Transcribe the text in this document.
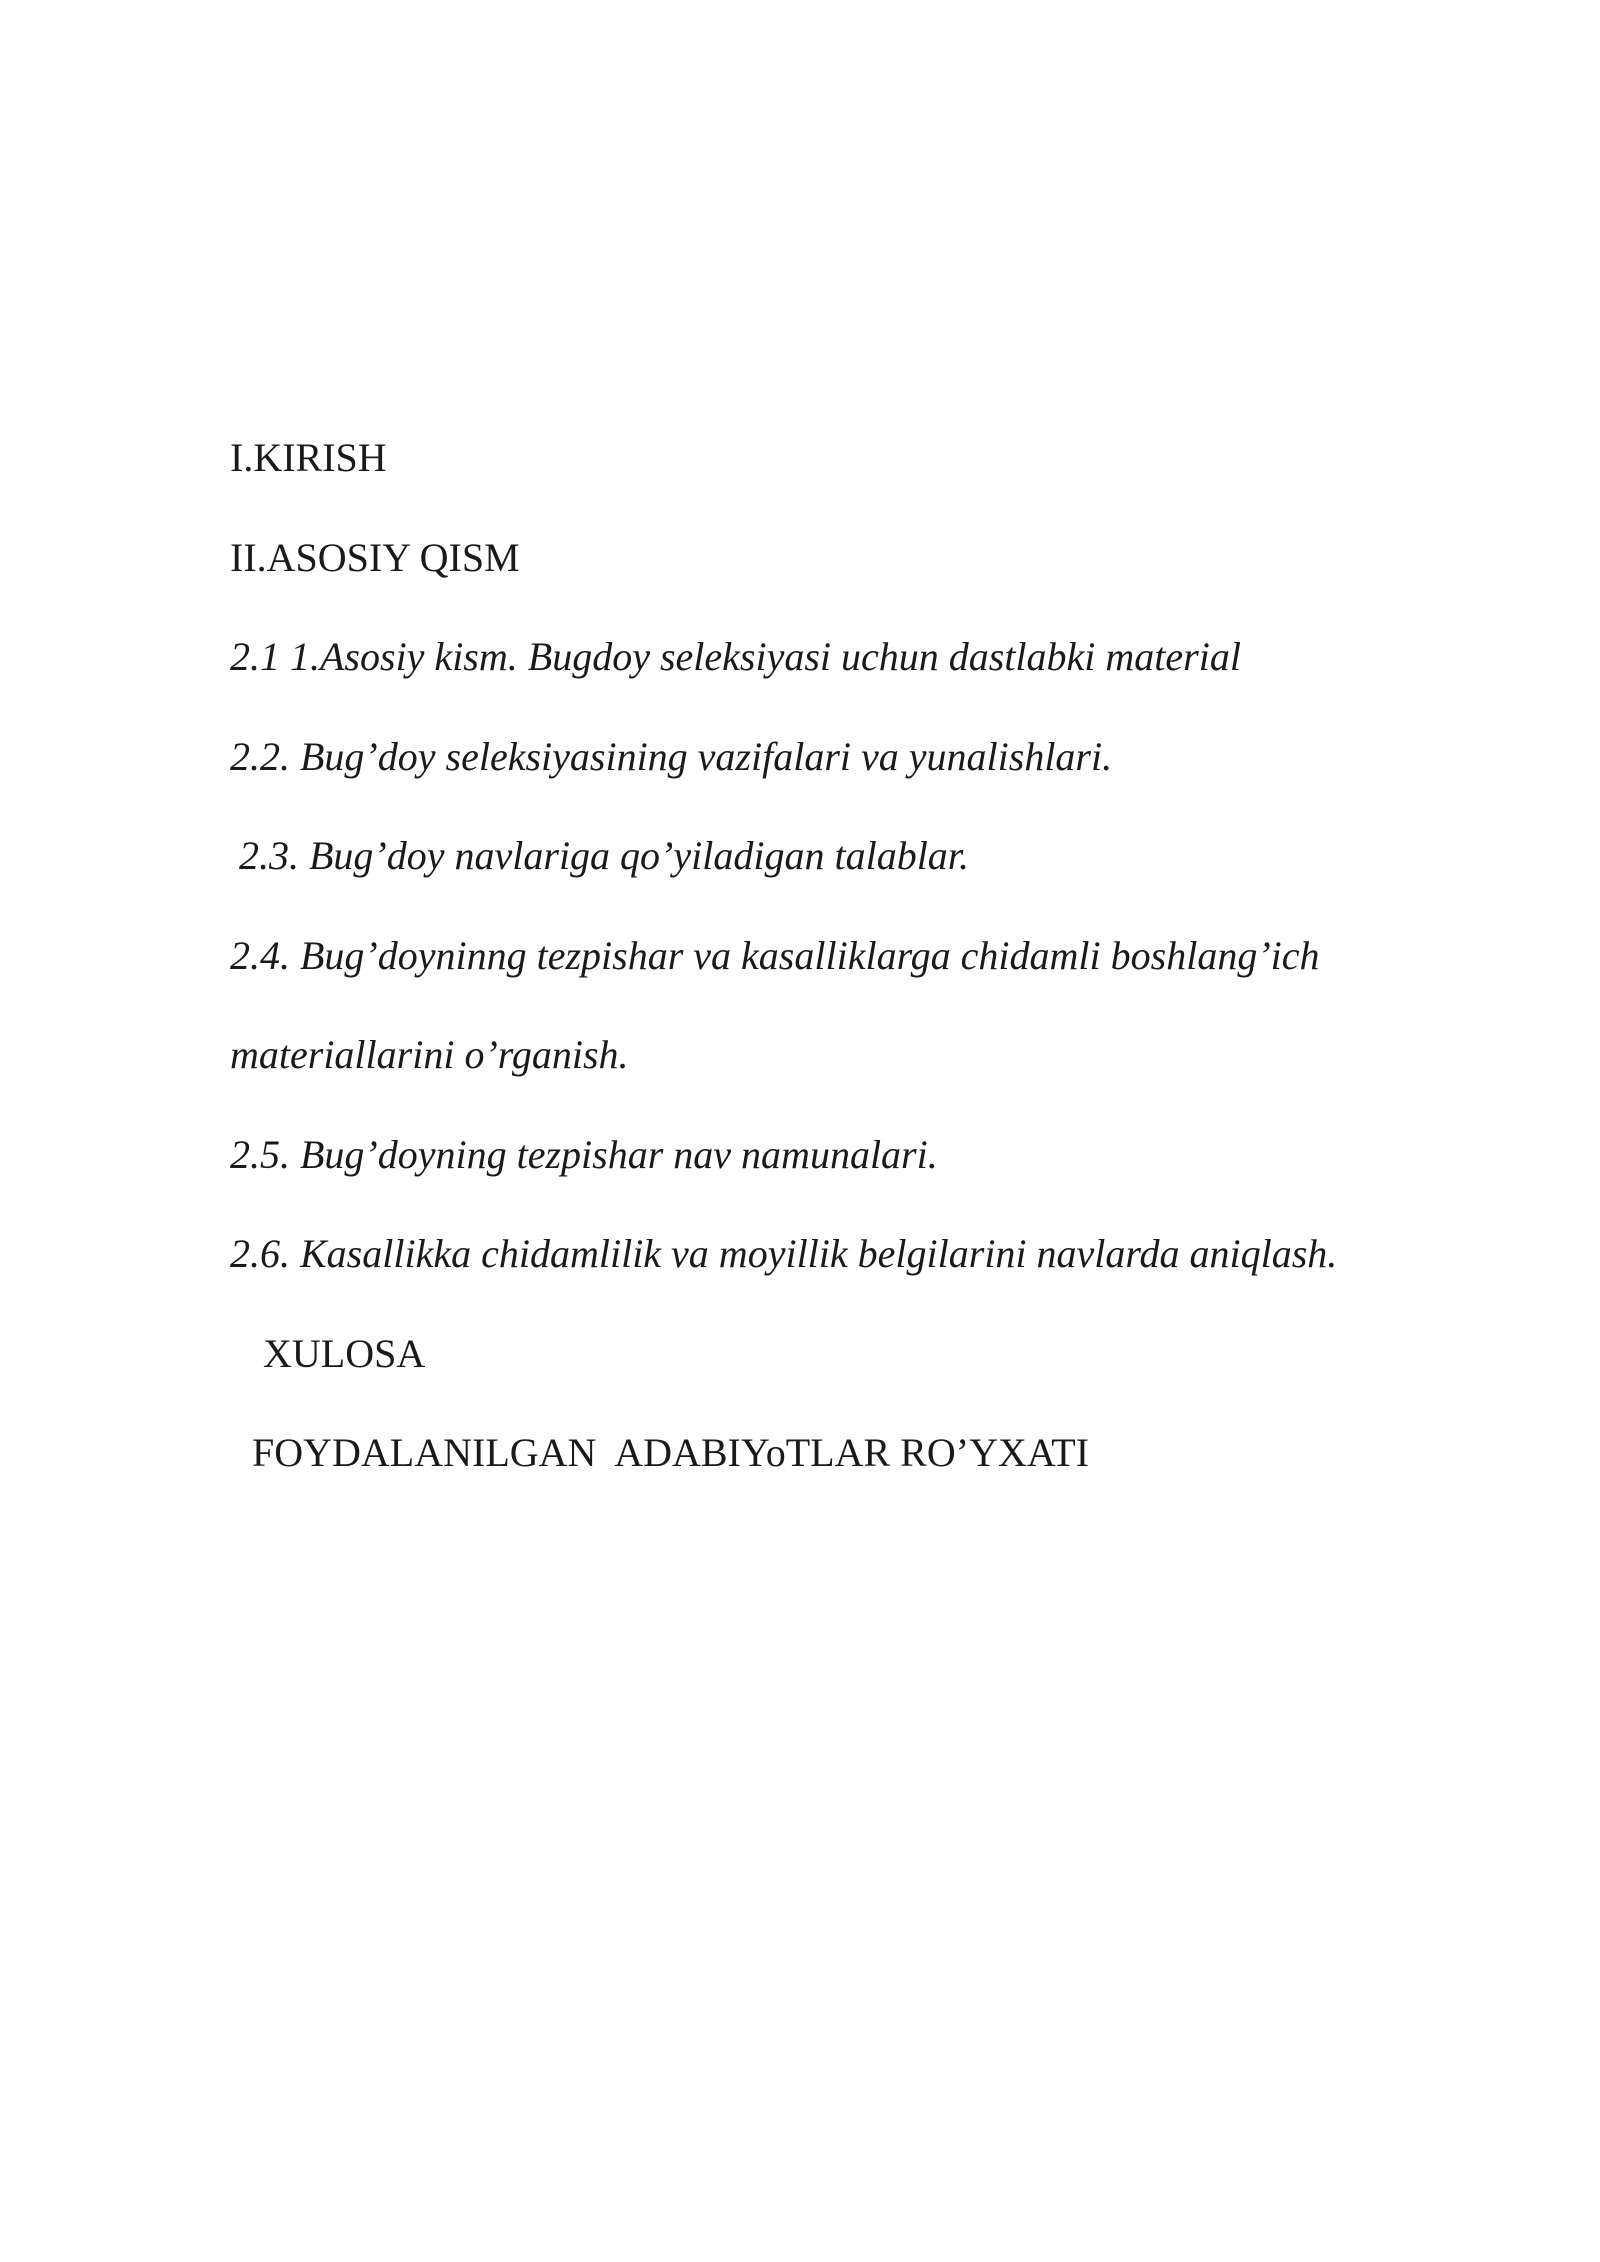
I.KIRISH
II.ASOSIY QISM
2.1 1.Asosiy kism. Bugdoy seleksiyasi uchun dastlabki material
2.2. Bug’doy seleksiyasining vazifalari va yunalishlari.
2.3. Bug’doy navlariga qo’yiladigan talablar.
2.4. Bug’doyninng tezpishar va kasalliklarga chidamli boshlang’ich
materiallarini o’rganish.
2.5. Bug’doyning tezpishar nav namunalari.
2.6. Kasallikka chidamlilik va moyillik belgilarini navlarda aniqlash.
XULOSA
FOYDALANILGAN  ADABIYoTLAR RO’YXATI
